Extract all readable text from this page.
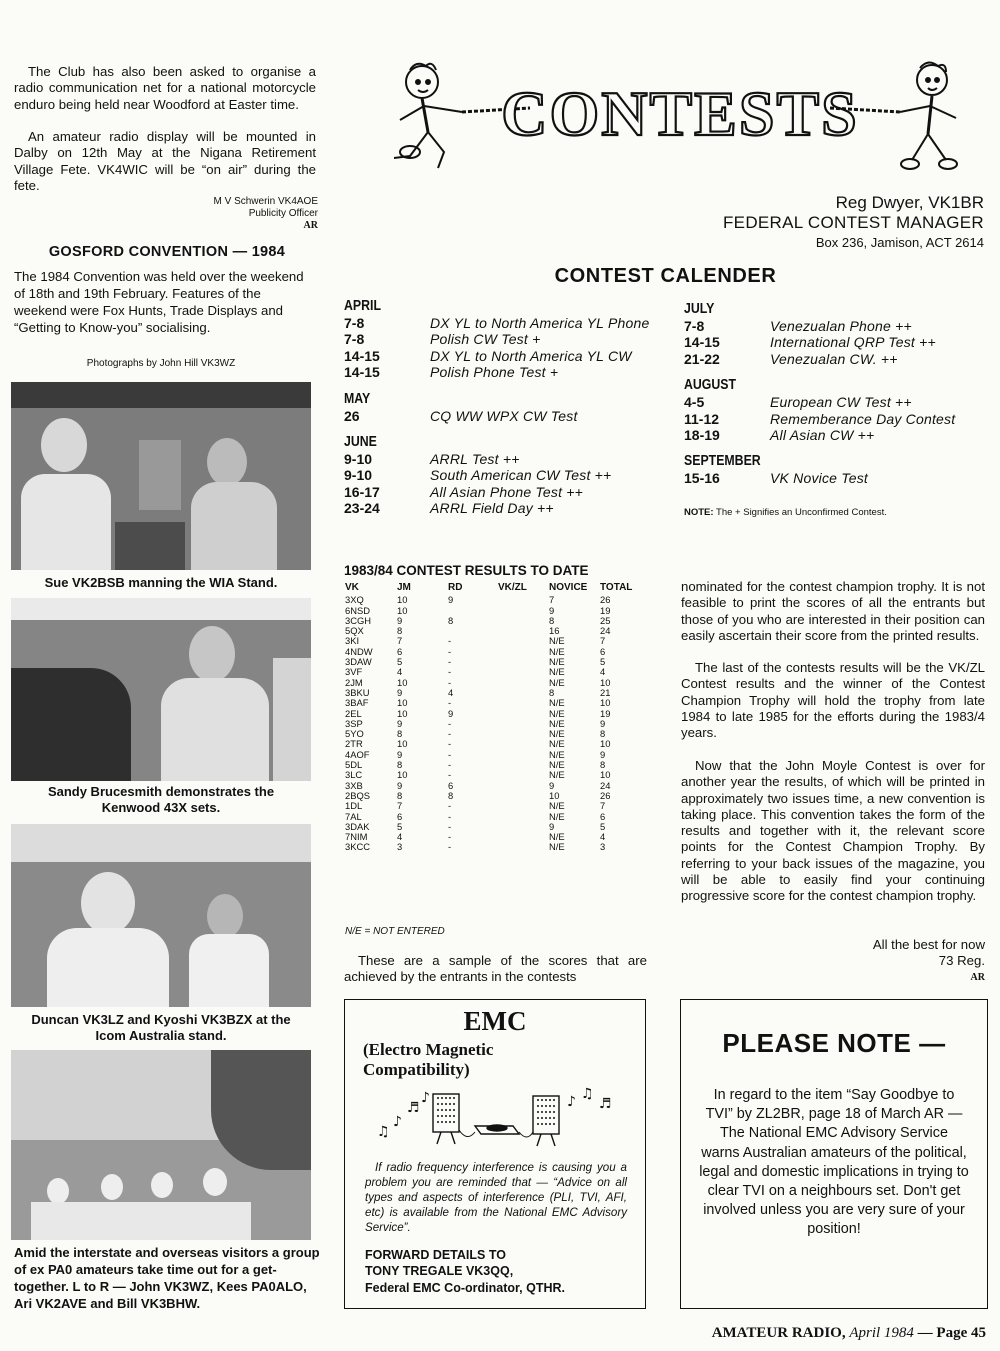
The Club has also been asked to organise a radio communication net for a national motorcycle enduro being held near Woodford at Easter time.

An amateur radio display will be mounted in Dalby on 12th May at the Nigana Retirement Village Fete. VK4WIC will be “on air” during the fete.

M V Schwerin VK4AOE
Publicity Officer
AR
GOSFORD CONVENTION — 1984

The 1984 Convention was held over the weekend of 18th and 19th February. Features of the weekend were Fox Hunts, Trade Displays and “Getting to Know-you” socialising.

Photographs by John Hill VK3WZ
Sue VK2BSB manning the WIA Stand.
Sandy Brucesmith demonstrates the Kenwood 43X sets.
Duncan VK3LZ and Kyoshi VK3BZX at the Icom Australia stand.
Amid the interstate and overseas visitors a group of ex PA0 amateurs take time out for a get-together. L to R — John VK3WZ, Kees PA0ALO, Ari VK2AVE and Bill VK3BHW.
CONTESTS
Reg Dwyer, VK1BR
FEDERAL CONTEST MANAGER
Box 236, Jamison, ACT 2614
CONTEST CALENDER
APRIL
7-8	DX YL to North America YL Phone
7-8	Polish CW Test +
14-15	DX YL to North America YL CW
14-15	Polish Phone Test +
MAY
26	CQ WW WPX CW Test
JUNE
9-10	ARRL Test ++
9-10	South American CW Test ++
16-17	All Asian Phone Test ++
23-24	ARRL Field Day ++
JULY
7-8	Venezualan Phone ++
14-15	International QRP Test ++
21-22	Venezualan CW. ++
AUGUST
4-5	European CW Test ++
11-12	Rememberance Day Contest
18-19	All Asian CW ++
SEPTEMBER
15-16	VK Novice Test
NOTE: The + Signifies an Unconfirmed Contest.
1983/84 CONTEST RESULTS TO DATE
VK	JM	RD	VK/ZL	NOVICE	TOTAL
3XQ	10	9		7	26
6NSD	10			9	19
3CGH	9	8		8	25
5QX	8			16	24
3KI	7	-		N/E	7
4NDW	6	-		N/E	6
3DAW	5	-		N/E	5
3VF	4	-		N/E	4
2JM	10	-		N/E	10
3BKU	9	4		8	21
3BAF	10	-		N/E	10
2EL	10	9		N/E	19
3SP	9	-		N/E	9
5YO	8	-		N/E	8
2TR	10	-		N/E	10
4AOF	9	-		N/E	9
5DL	8	-		N/E	8
3LC	10	-		N/E	10
3XB	9	6		9	24
2BQS	8	8		10	26
1DL	7	-		N/E	7
7AL	6	-		N/E	6
3DAK	5	-		9	5
7NIM	4	-		N/E	4
3KCC	3	-		N/E	3
N/E = NOT ENTERED

These are a sample of the scores that are achieved by the entrants in the contests

nominated for the contest champion trophy. It is not feasible to print the scores of all the entrants but those of you who are interested in their position can easily ascertain their score from the printed results.

The last of the contests results will be the VK/ZL Contest results and the winner of the Contest Champion Trophy will hold the trophy from late 1984 to late 1985 for the efforts during the 1983/4 years.

Now that the John Moyle Contest is over for another year the results, of which will be printed in approximately two issues time, a new convention is taking place. This convention takes the form of the results and together with it, the relevant score points for the Contest Champion Trophy. By referring to your back issues of the magazine, you will be able to easily find your continuing progressive score for the contest champion trophy.

All the best for now
73 Reg.
AR
EMC
(Electro Magnetic
Compatibility)
♫
♪
♬
♪	♪ ♫
♬

If radio frequency interference is causing you a problem you are reminded that — “Advice on all types and aspects of interference (PLI, TVI, AFI, etc) is available from the National EMC Advisory Service”.

FORWARD DETAILS TO
TONY TREGALE VK3QQ,
Federal EMC Co-ordinator, QTHR.
PLEASE NOTE —

In regard to the item “Say Goodbye to TVI” by ZL2BR, page 18 of March AR — The National EMC Advisory Service warns Australian amateurs of the political, legal and domestic implications in trying to clear TVI on a neighbours set. Don't get involved unless you are very sure of your position!

AMATEUR RADIO, April 1984 — Page 45
